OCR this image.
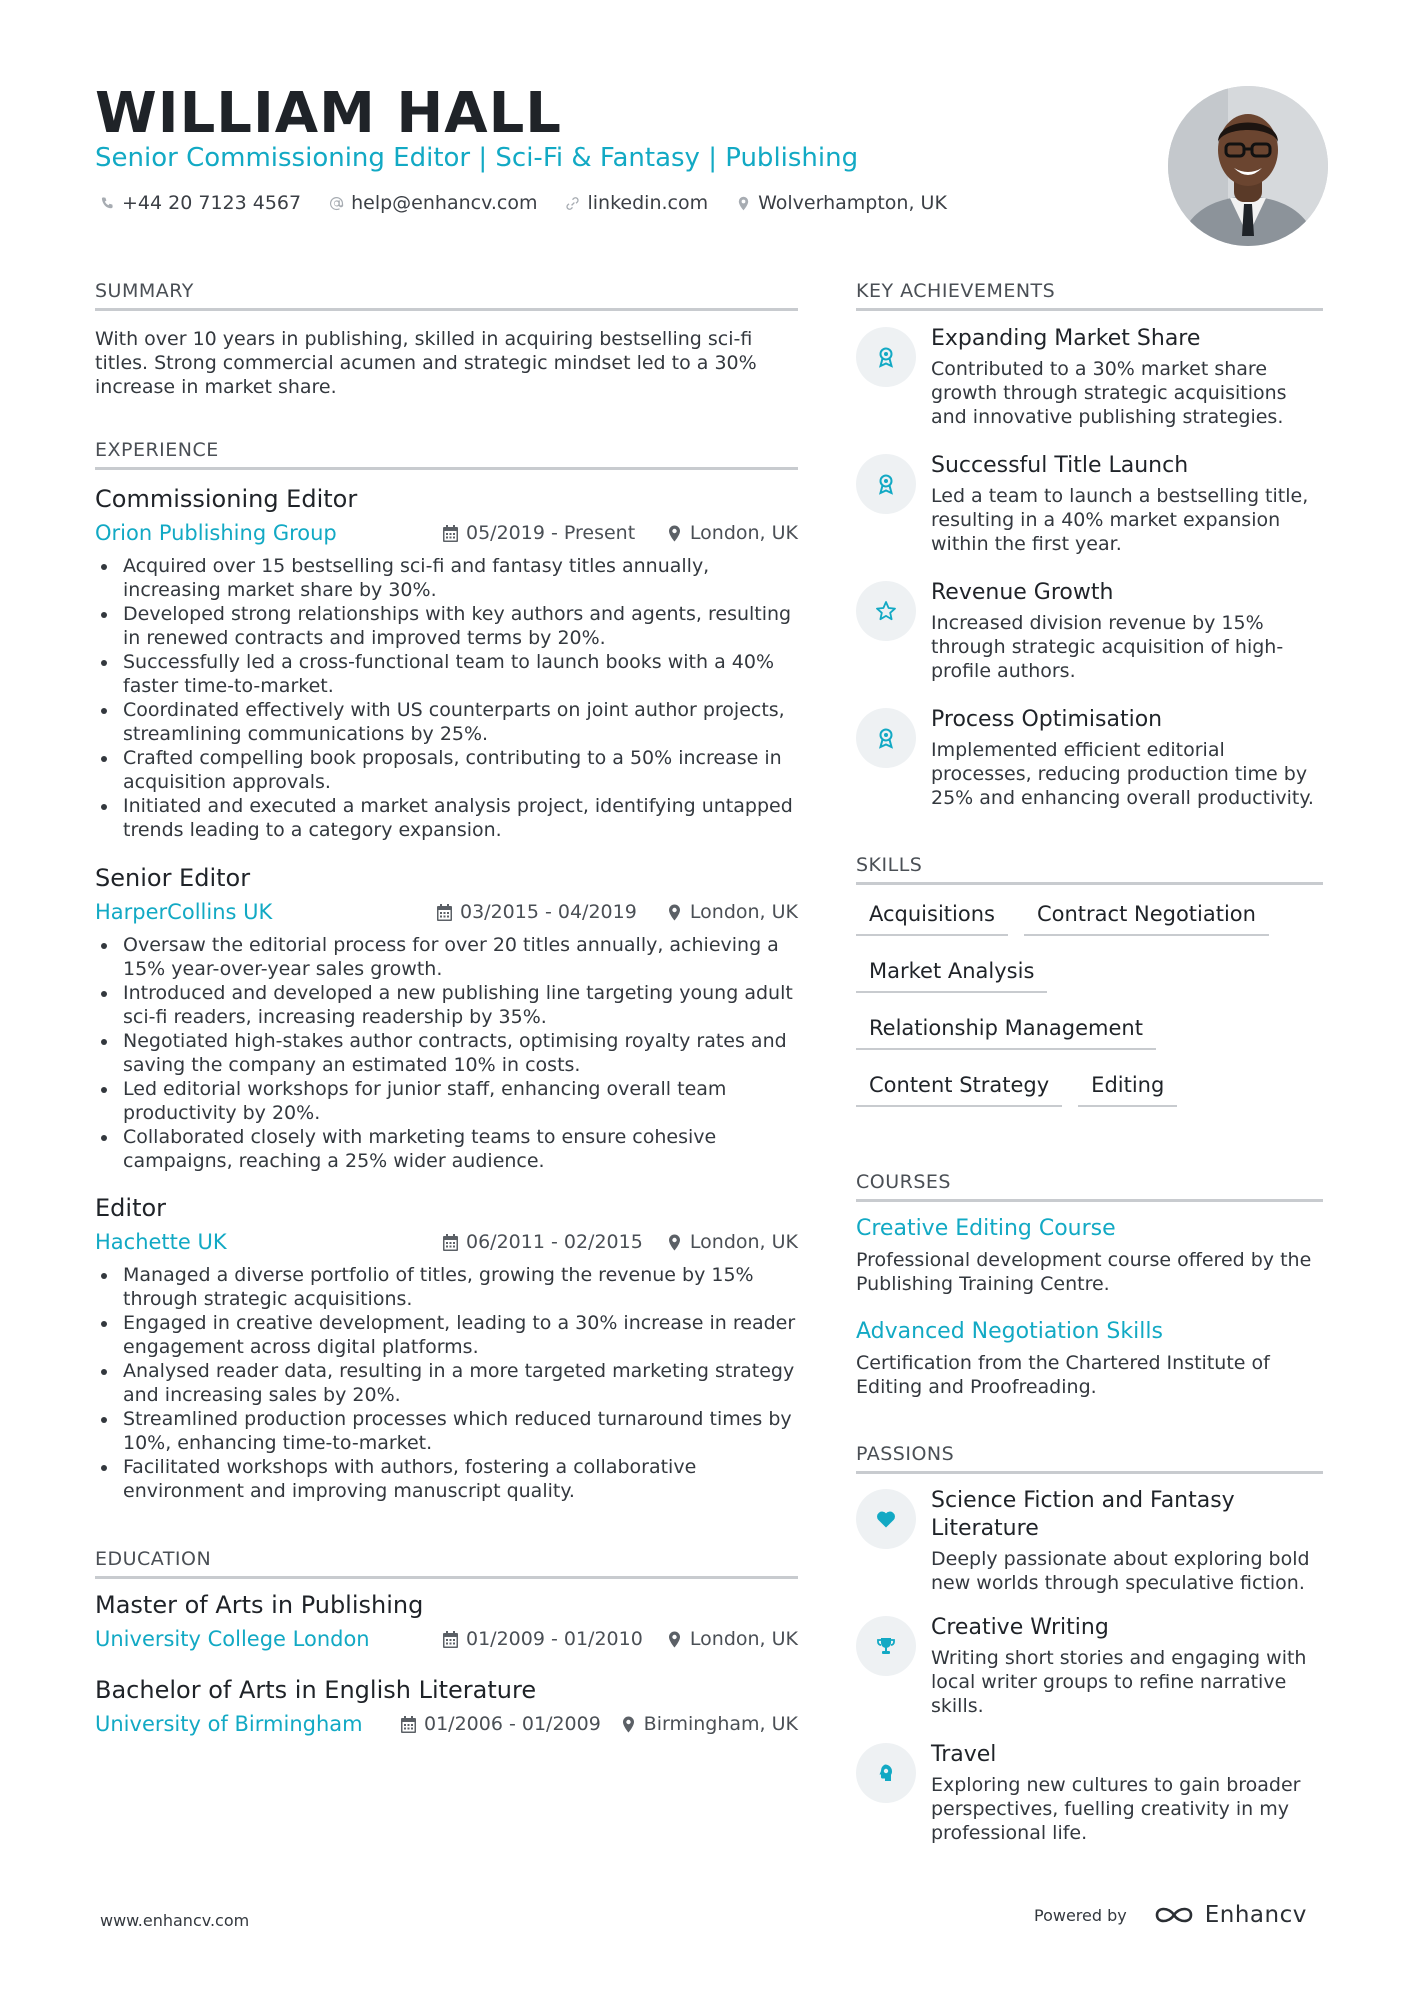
WILLIAM HALL
Senior Commissioning Editor | Sci-Fi & Fantasy | Publishing
+44 20 7123 4567	help@enhancv.com	linkedin.com	Wolverhampton, UK
SUMMARY
With over 10 years in publishing, skilled in acquiring bestselling sci-fi titles. Strong commercial acumen and strategic mindset led to a 30% increase in market share.
EXPERIENCE
Commissioning Editor
Orion Publishing Group	05/2019 - Present	London, UK
Acquired over 15 bestselling sci-fi and fantasy titles annually, increasing market share by 30%.
Developed strong relationships with key authors and agents, resulting in renewed contracts and improved terms by 20%.
Successfully led a cross-functional team to launch books with a 40% faster time-to-market.
Coordinated effectively with US counterparts on joint author projects, streamlining communications by 25%.
Crafted compelling book proposals, contributing to a 50% increase in acquisition approvals.
Initiated and executed a market analysis project, identifying untapped trends leading to a category expansion.
Senior Editor
HarperCollins UK	03/2015 - 04/2019	London, UK
Oversaw the editorial process for over 20 titles annually, achieving a 15% year-over-year sales growth.
Introduced and developed a new publishing line targeting young adult sci-fi readers, increasing readership by 35%.
Negotiated high-stakes author contracts, optimising royalty rates and saving the company an estimated 10% in costs.
Led editorial workshops for junior staff, enhancing overall team productivity by 20%.
Collaborated closely with marketing teams to ensure cohesive campaigns, reaching a 25% wider audience.
Editor
Hachette UK	06/2011 - 02/2015 London, UK
Managed a diverse portfolio of titles, growing the revenue by 15% through strategic acquisitions.
Engaged in creative development, leading to a 30% increase in reader engagement across digital platforms.
Analysed reader data, resulting in a more targeted marketing strategy and increasing sales by 20%.
Streamlined production processes which reduced turnaround times by 10%, enhancing time-to-market.
Facilitated workshops with authors, fostering a collaborative environment and improving manuscript quality.
EDUCATION
Master of Arts in Publishing
University College London	01/2009 - 01/2010 London, UK
Bachelor of Arts in English Literature
University of Birmingham	01/2006 - 01/2009 Birmingham, UK
KEY ACHIEVEMENTS
Expanding Market Share
Contributed to a 30% market share growth through strategic acquisitions and innovative publishing strategies.
Successful Title Launch
Led a team to launch a bestselling title, resulting in a 40% market expansion within the first year.
Revenue Growth
Increased division revenue by 15% through strategic acquisition of high-profile authors.
Process Optimisation
Implemented efficient editorial processes, reducing production time by 25% and enhancing overall productivity.
SKILLS
Acquisitions	Contract Negotiation
Market Analysis
Relationship Management
Content Strategy	Editing
COURSES
Creative Editing Course
Professional development course offered by the Publishing Training Centre.
Advanced Negotiation Skills
Certification from the Chartered Institute of Editing and Proofreading.
PASSIONS
Science Fiction and Fantasy Literature
Deeply passionate about exploring bold new worlds through speculative fiction.
Creative Writing
Writing short stories and engaging with local writer groups to refine narrative skills.
Travel
Exploring new cultures to gain broader perspectives, fuelling creativity in my professional life.
www.enhancv.com	Powered by	Enhancv
